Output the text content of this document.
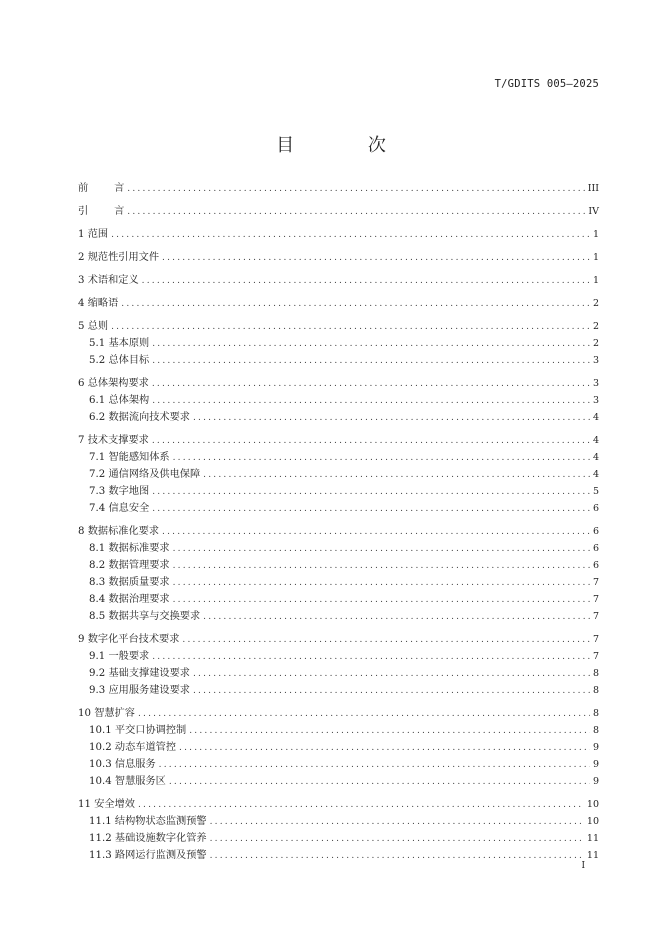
T/GDITS 005—2025
目 次
前        言 .....	III
引        言 .....	IV
1 范围 .....	1
2 规范性引用文件 .....	1
3 术语和定义 .....	1
4 缩略语 .....	2
5 总则 .....	2
5.1 基本原则 .....	2
5.2 总体目标 .....	3
6 总体架构要求 .....	3
6.1 总体架构 .....	3
6.2 数据流向技术要求 .....	4
7 技术支撑要求 .....	4
7.1 智能感知体系 .....	4
7.2 通信网络及供电保障 .....	4
7.3 数字地图 .....	5
7.4 信息安全 .....	6
8 数据标准化要求 .....	6
8.1 数据标准要求 .....	6
8.2 数据管理要求 .....	6
8.3 数据质量要求 .....	7
8.4 数据治理要求 .....	7
8.5 数据共享与交换要求 .....	7
9 数字化平台技术要求 .....	7
9.1 一般要求 .....	7
9.2 基础支撑建设要求 .....	8
9.3 应用服务建设要求 .....	8
10 智慧扩容 .....	8
10.1 平交口协调控制 .....	8
10.2 动态车道管控 .....	9
10.3 信息服务 .....	9
10.4 智慧服务区 .....	9
11 安全增效 .....	10
11.1 结构物状态监测预警 .....	10
11.2 基础设施数字化管养 .....	11
11.3 路网运行监测及预警 .....	11
I
